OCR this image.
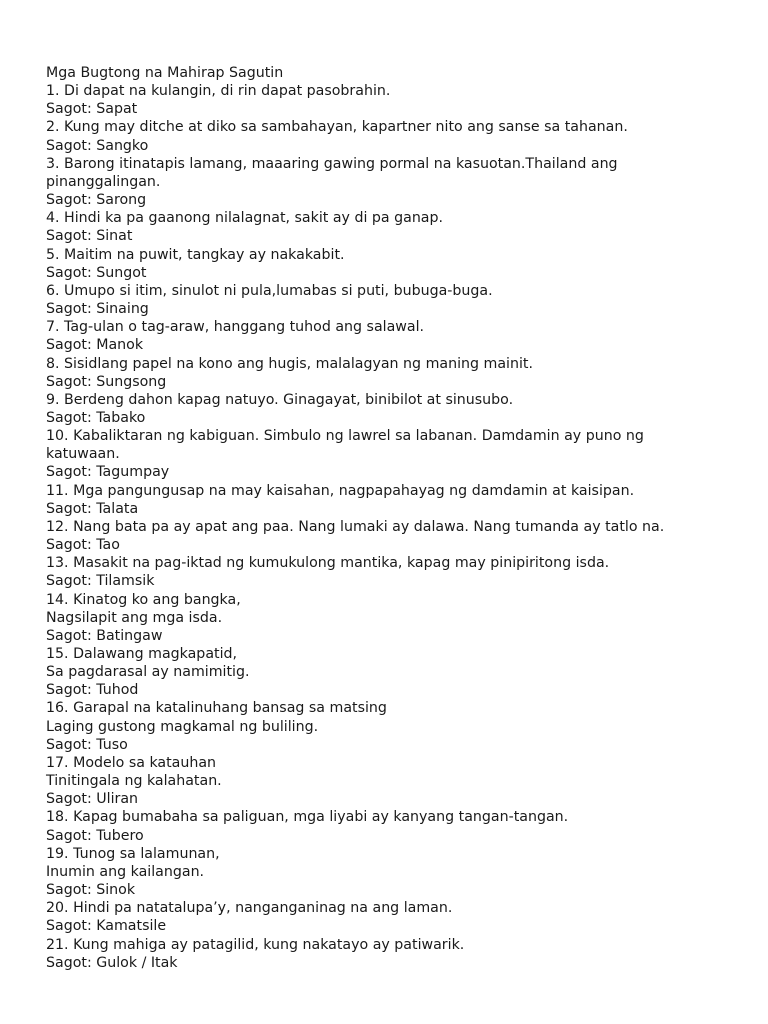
Mga Bugtong na Mahirap Sagutin
1. Di dapat na kulangin, di rin dapat pasobrahin.
Sagot: Sapat
2. Kung may ditche at diko sa sambahayan, kapartner nito ang sanse sa tahanan.
Sagot: Sangko
3. Barong itinatapis lamang, maaaring gawing pormal na kasuotan.Thailand ang
pinanggalingan.
Sagot: Sarong
4. Hindi ka pa gaanong nilalagnat, sakit ay di pa ganap.
Sagot: Sinat
5. Maitim na puwit, tangkay ay nakakabit.
Sagot: Sungot
6. Umupo si itim, sinulot ni pula,lumabas si puti, bubuga-buga.
Sagot: Sinaing
7. Tag-ulan o tag-araw, hanggang tuhod ang salawal.
Sagot: Manok
8. Sisidlang papel na kono ang hugis, malalagyan ng maning mainit.
Sagot: Sungsong
9. Berdeng dahon kapag natuyo. Ginagayat, binibilot at sinusubo.
Sagot: Tabako
10. Kabaliktaran ng kabiguan. Simbulo ng lawrel sa labanan. Damdamin ay puno ng
katuwaan.
Sagot: Tagumpay
11. Mga pangungusap na may kaisahan, nagpapahayag ng damdamin at kaisipan.
Sagot: Talata
12. Nang bata pa ay apat ang paa. Nang lumaki ay dalawa. Nang tumanda ay tatlo na.
Sagot: Tao
13. Masakit na pag-iktad ng kumukulong mantika, kapag may pinipiritong isda.
Sagot: Tilamsik
14. Kinatog ko ang bangka,
Nagsilapit ang mga isda.
Sagot: Batingaw
15. Dalawang magkapatid,
Sa pagdarasal ay namimitig.
Sagot: Tuhod
16. Garapal na katalinuhang bansag sa matsing
Laging gustong magkamal ng buliling.
Sagot: Tuso
17. Modelo sa katauhan
Tinitingala ng kalahatan.
Sagot: Uliran
18. Kapag bumabaha sa paliguan, mga liyabi ay kanyang tangan-tangan.
Sagot: Tubero
19. Tunog sa lalamunan,
Inumin ang kailangan.
Sagot: Sinok
20. Hindi pa natatalupa’y, nanganganinag na ang laman.
Sagot: Kamatsile
21. Kung mahiga ay patagilid, kung nakatayo ay patiwarik.
Sagot: Gulok / Itak
